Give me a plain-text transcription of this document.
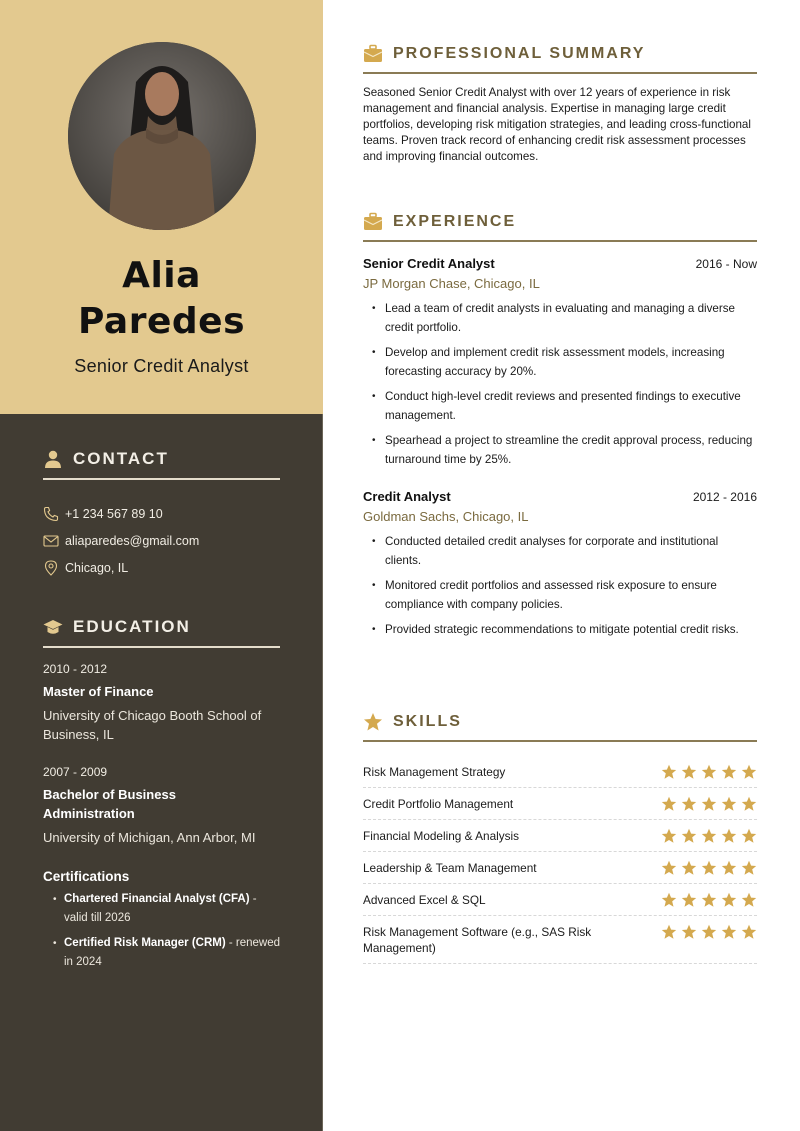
Alia
Paredes
Senior Credit Analyst
CONTACT
+1 234 567 89 10
aliaparedes@gmail.com
Chicago, IL
EDUCATION
2010 - 2012
Master of Finance
University of Chicago Booth School of Business, IL
2007 - 2009
Bachelor of Business Administration
University of Michigan, Ann Arbor, MI
Certifications
• Chartered Financial Analyst (CFA) - valid till 2026
• Certified Risk Manager (CRM) - renewed in 2024
PROFESSIONAL SUMMARY

Seasoned Senior Credit Analyst with over 12 years of experience in risk management and financial analysis. Expertise in managing large credit portfolios, developing risk mitigation strategies, and leading cross-functional teams. Proven track record of enhancing credit risk assessment processes and improving financial outcomes.

EXPERIENCE
Senior Credit Analyst	2016 - Now
JP Morgan Chase, Chicago, IL
• Lead a team of credit analysts in evaluating and managing a diverse credit portfolio.
• Develop and implement credit risk assessment models, increasing forecasting accuracy by 20%.
• Conduct high-level credit reviews and presented findings to executive management.
• Spearhead a project to streamline the credit approval process, reducing turnaround time by 25%.
Credit Analyst	2012 - 2016
Goldman Sachs, Chicago, IL
• Conducted detailed credit analyses for corporate and institutional clients.
• Monitored credit portfolios and assessed risk exposure to ensure compliance with company policies.
• Provided strategic recommendations to mitigate potential credit risks.
SKILLS
Risk Management Strategy
Credit Portfolio Management
Financial Modeling & Analysis
Leadership & Team Management
Advanced Excel & SQL
Risk Management Software (e.g., SAS Risk Management)
